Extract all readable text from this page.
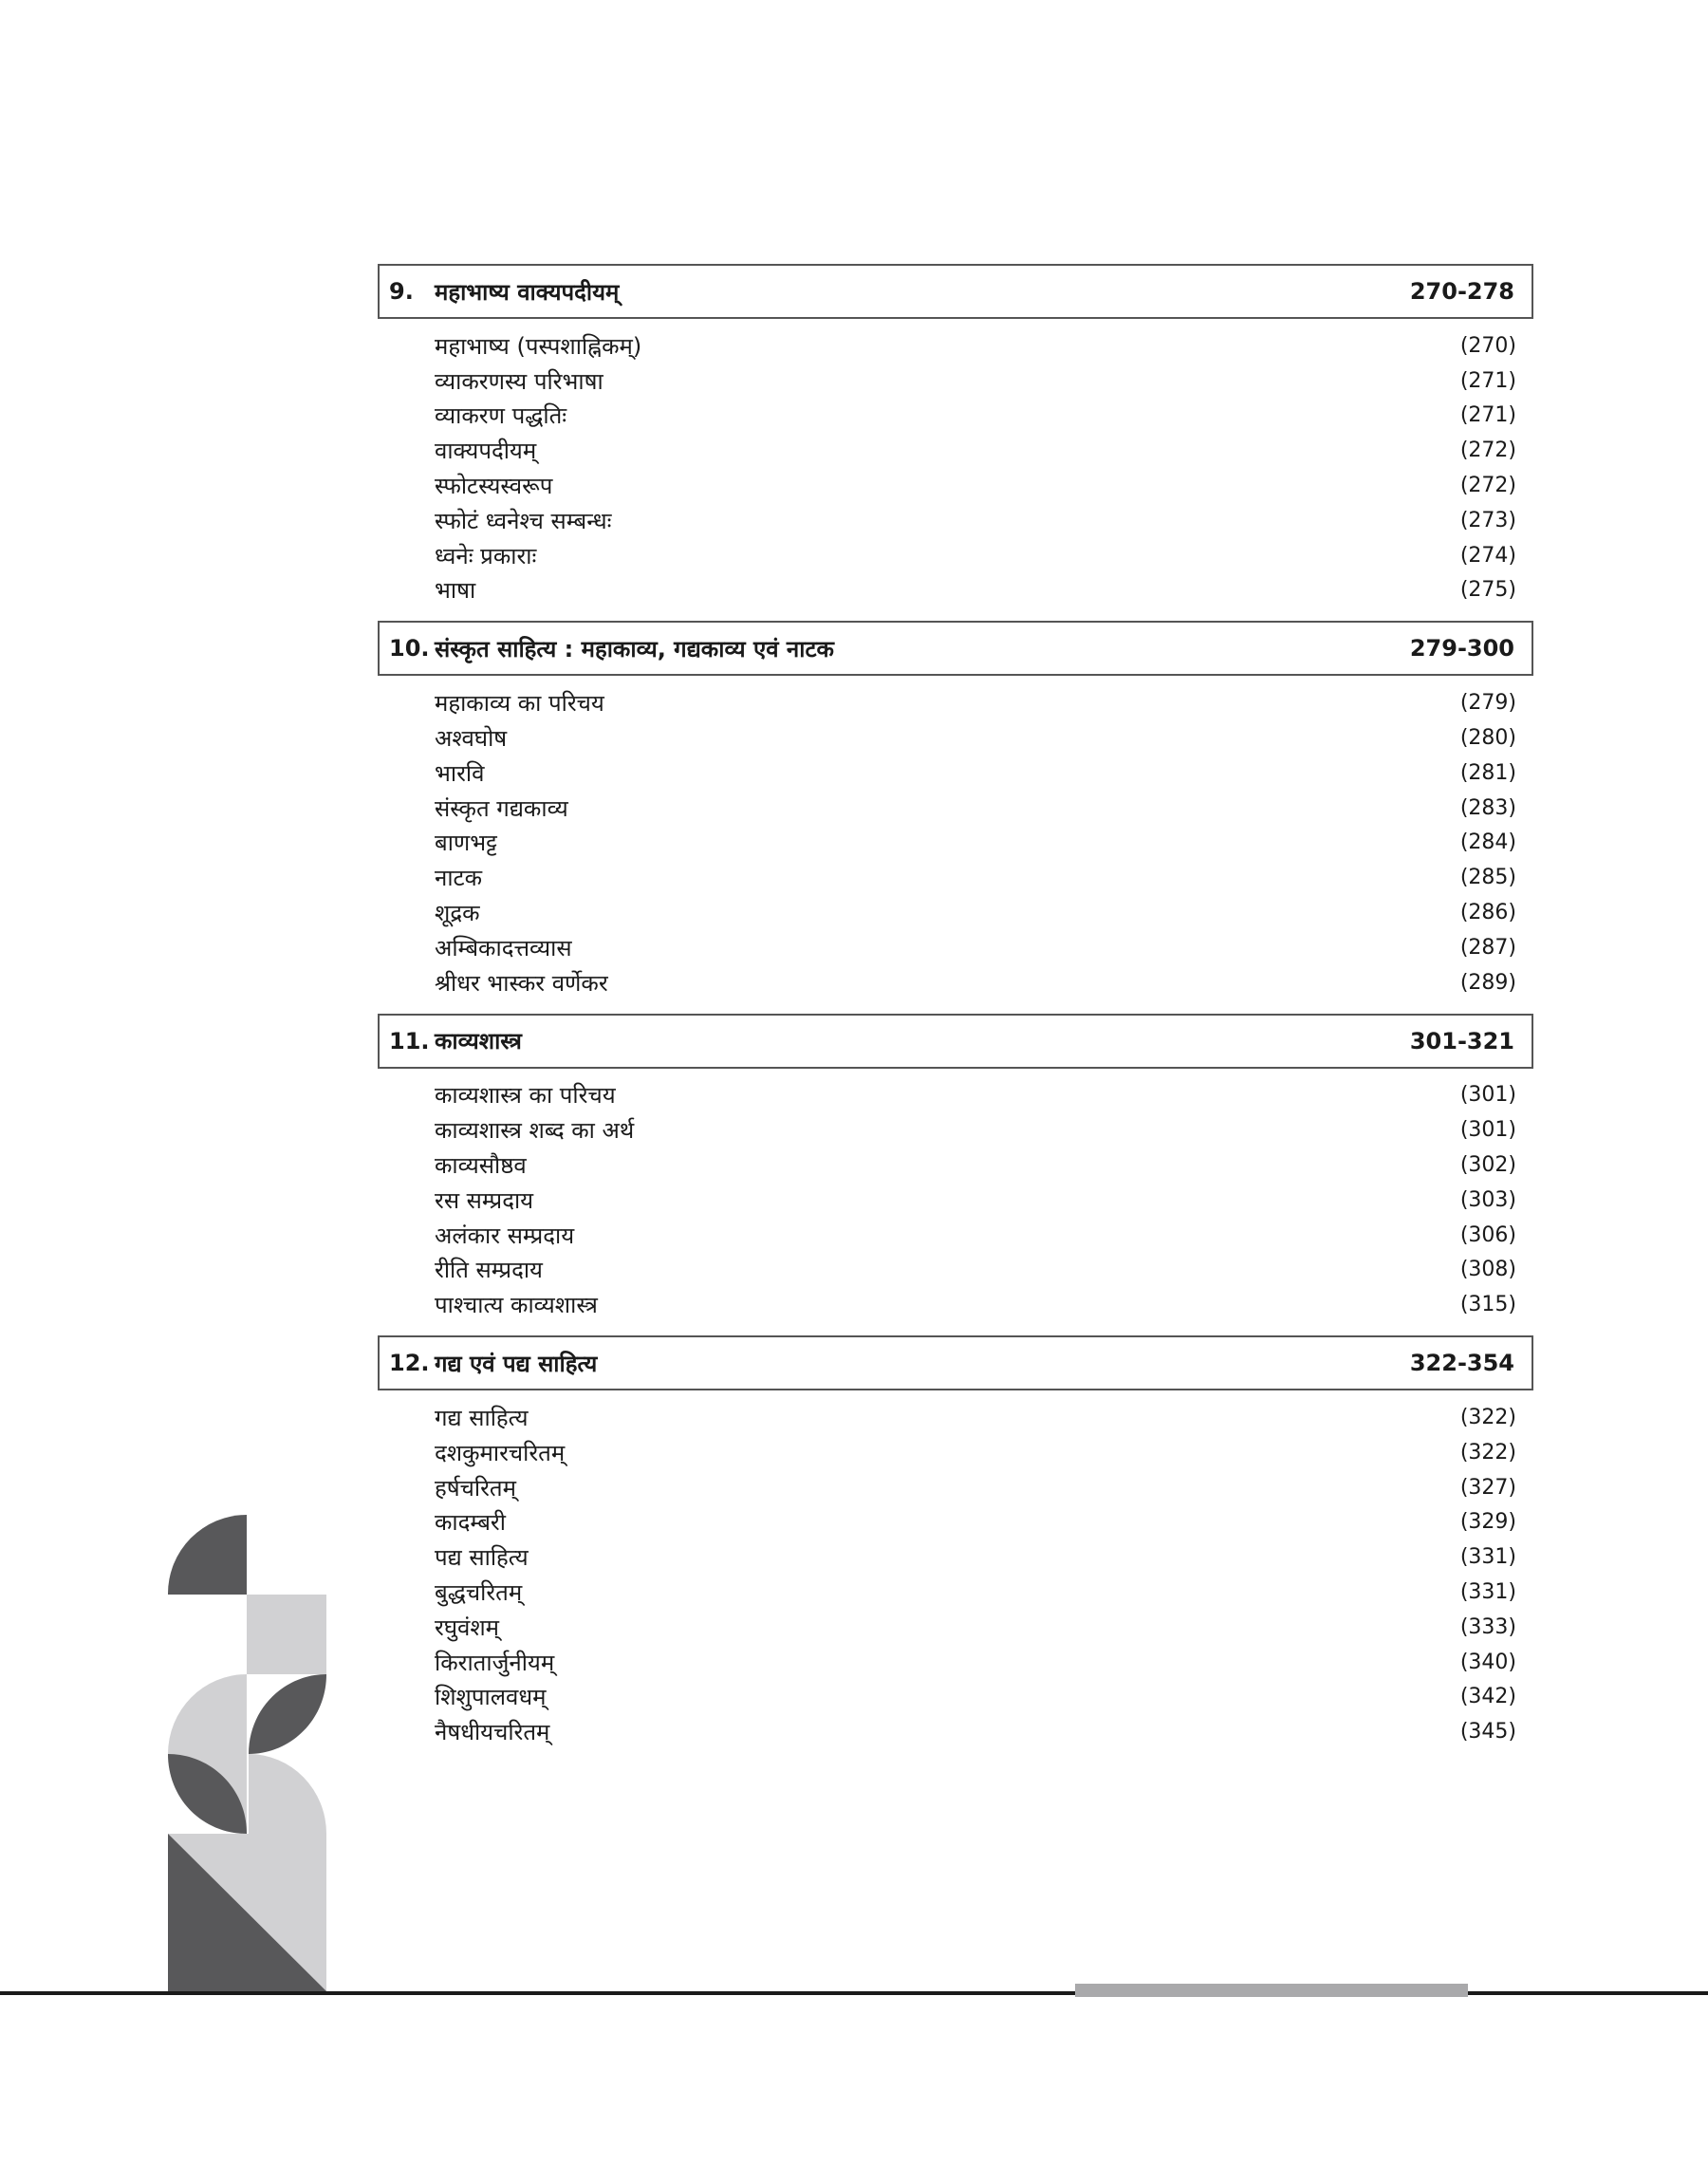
9. महाभाष्य वाक्यपदीयम्	270-278
महाभाष्य (पस्पशाह्निकम्)	(270)
व्याकरणस्य परिभाषा	(271)
व्याकरण पद्धतिः	(271)
वाक्यपदीयम्	(272)
स्फोटस्यस्वरूप	(272)
स्फोटं ध्वनेश्च सम्बन्धः	(273)
ध्वनेः प्रकाराः	(274)
भाषा	(275)
10. संस्कृत साहित्य : महाकाव्य, गद्यकाव्य एवं नाटक	279-300
महाकाव्य का परिचय	(279)
अश्वघोष	(280)
भारवि	(281)
संस्कृत गद्यकाव्य	(283)
बाणभट्ट	(284)
नाटक	(285)
शूद्रक	(286)
अम्बिकादत्तव्यास	(287)
श्रीधर भास्कर वर्णेकर	(289)
11. काव्यशास्त्र	301-321
काव्यशास्त्र का परिचय	(301)
काव्यशास्त्र शब्द का अर्थ	(301)
काव्यसौष्ठव	(302)
रस सम्प्रदाय	(303)
अलंकार सम्प्रदाय	(306)
रीति सम्प्रदाय	(308)
पाश्चात्य काव्यशास्त्र	(315)
12. गद्य एवं पद्य साहित्य	322-354
गद्य साहित्य	(322)
दशकुमारचरितम्	(322)
हर्षचरितम्	(327)
कादम्बरी	(329)
पद्य साहित्य	(331)
बुद्धचरितम्	(331)
रघुवंशम्	(333)
किरातार्जुनीयम्	(340)
शिशुपालवधम्	(342)
नैषधीयचरितम्	(345)
